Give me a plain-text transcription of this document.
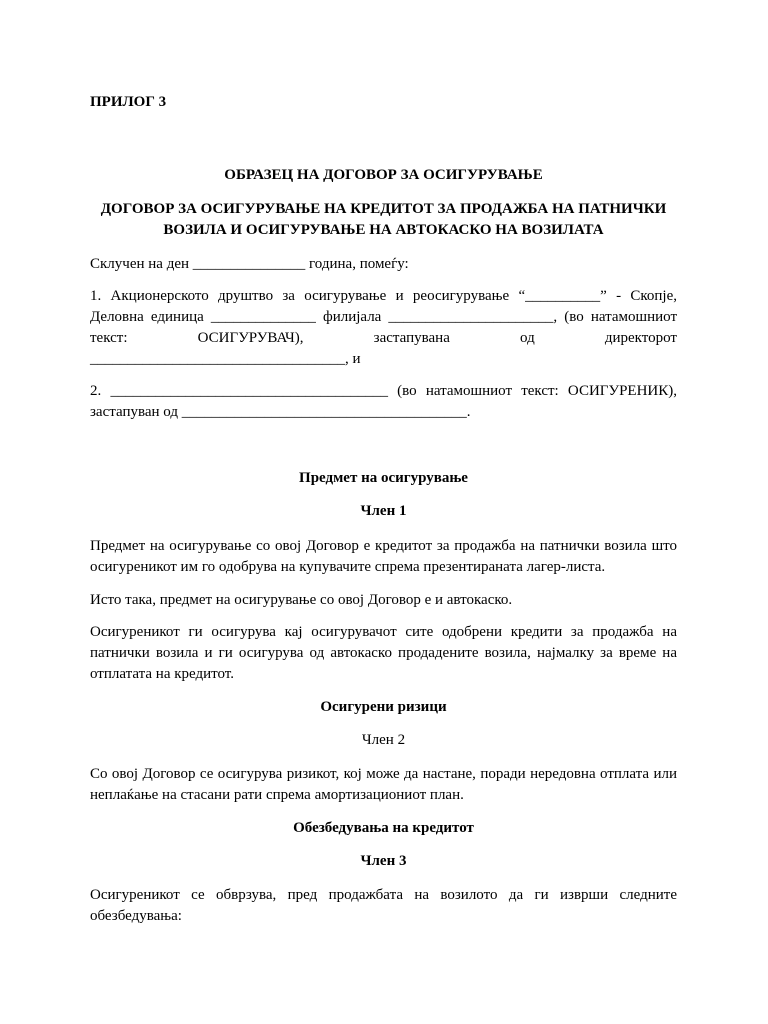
ПРИЛОГ 3
ОБРАЗЕЦ НА ДОГОВОР ЗА ОСИГУРУВАЊЕ
ДОГОВОР ЗА ОСИГУРУВАЊЕ НА КРЕДИТОТ ЗА ПРОДАЖБА НА ПАТНИЧКИ
ВОЗИЛА И ОСИГУРУВАЊЕ НА АВТОКАСКО НА ВОЗИЛАТА
Склучен на ден _______________ година, помеѓу:
1. Акционерското друштво за осигурување и реосигурување “__________” - Скопје,
Деловна единица ______________ филијала ______________________, (во натамошниот
текст: ОСИГУРУВАЧ), застапувана од директорот
__________________________________, и
2. _____________________________________ (во натамошниот текст: ОСИГУРЕНИК),
застапуван од ______________________________________.
Предмет на осигурување
Член 1

Предмет на осигурување со овој Договор е кредитот за продажба на патнички возила што осигуреникот им го одобрува на купувачите спрема презентираната лагер-листа.

Исто така, предмет на осигурување со овој Договор е и автокаско.

Осигуреникот ги осигурува кај осигурувачот сите одобрени кредити за продажба на патнички возила и ги осигурува од автокаско продадените возила, најмалку за време на отплатата на кредитот.

Осигурени ризици
Член 2

Со овој Договор се осигурува ризикот, кој може да настане, поради нередовна отплата или неплаќање на стасани рати спрема амортизациониот план.

Обезбедувања на кредитот
Член 3

Осигуреникот се обврзува, пред продажбата на возилото да ги изврши следните обезбедувања:
